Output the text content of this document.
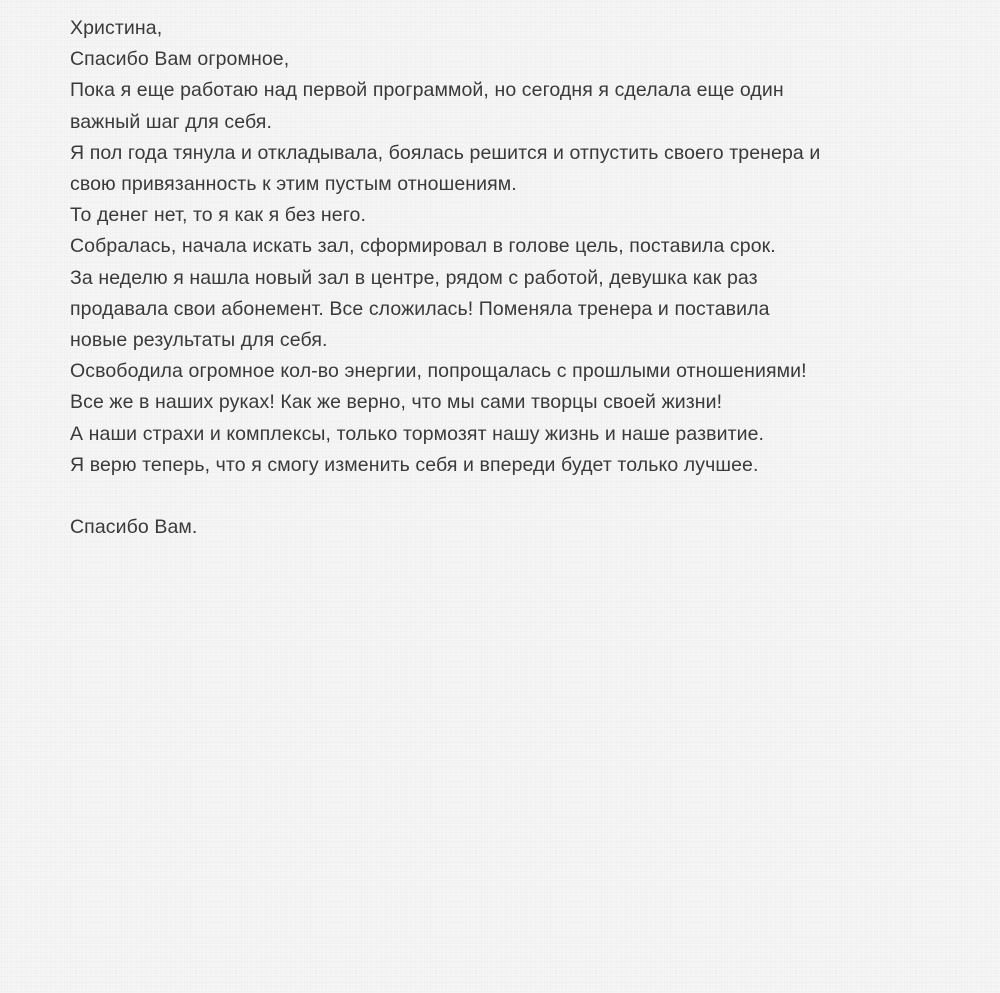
Христина,

Спасибо Вам огромное,

Пока я еще работаю над первой программой, но сегодня я сделала еще один

важный шаг для себя.

Я пол года тянула и откладывала, боялась решится и отпустить своего тренера и

свою привязанность к этим пустым отношениям.

То денег нет, то я как я без него.

Собралась, начала искать зал, сформировал в голове цель, поставила срок.

За неделю я нашла новый зал в центре, рядом с работой, девушка как раз

продавала свои абонемент. Все сложилась! Поменяла тренера и поставила

новые результаты для себя.

Освободила огромное кол-во энергии, попрощалась с прошлыми отношениями!

Все же в наших руках! Как же верно, что мы сами творцы своей жизни!

А наши страхи и комплексы, только тормозят нашу жизнь и наше развитие.

Я верю теперь, что я смогу изменить себя и впереди будет только лучшее.

Спасибо Вам.
